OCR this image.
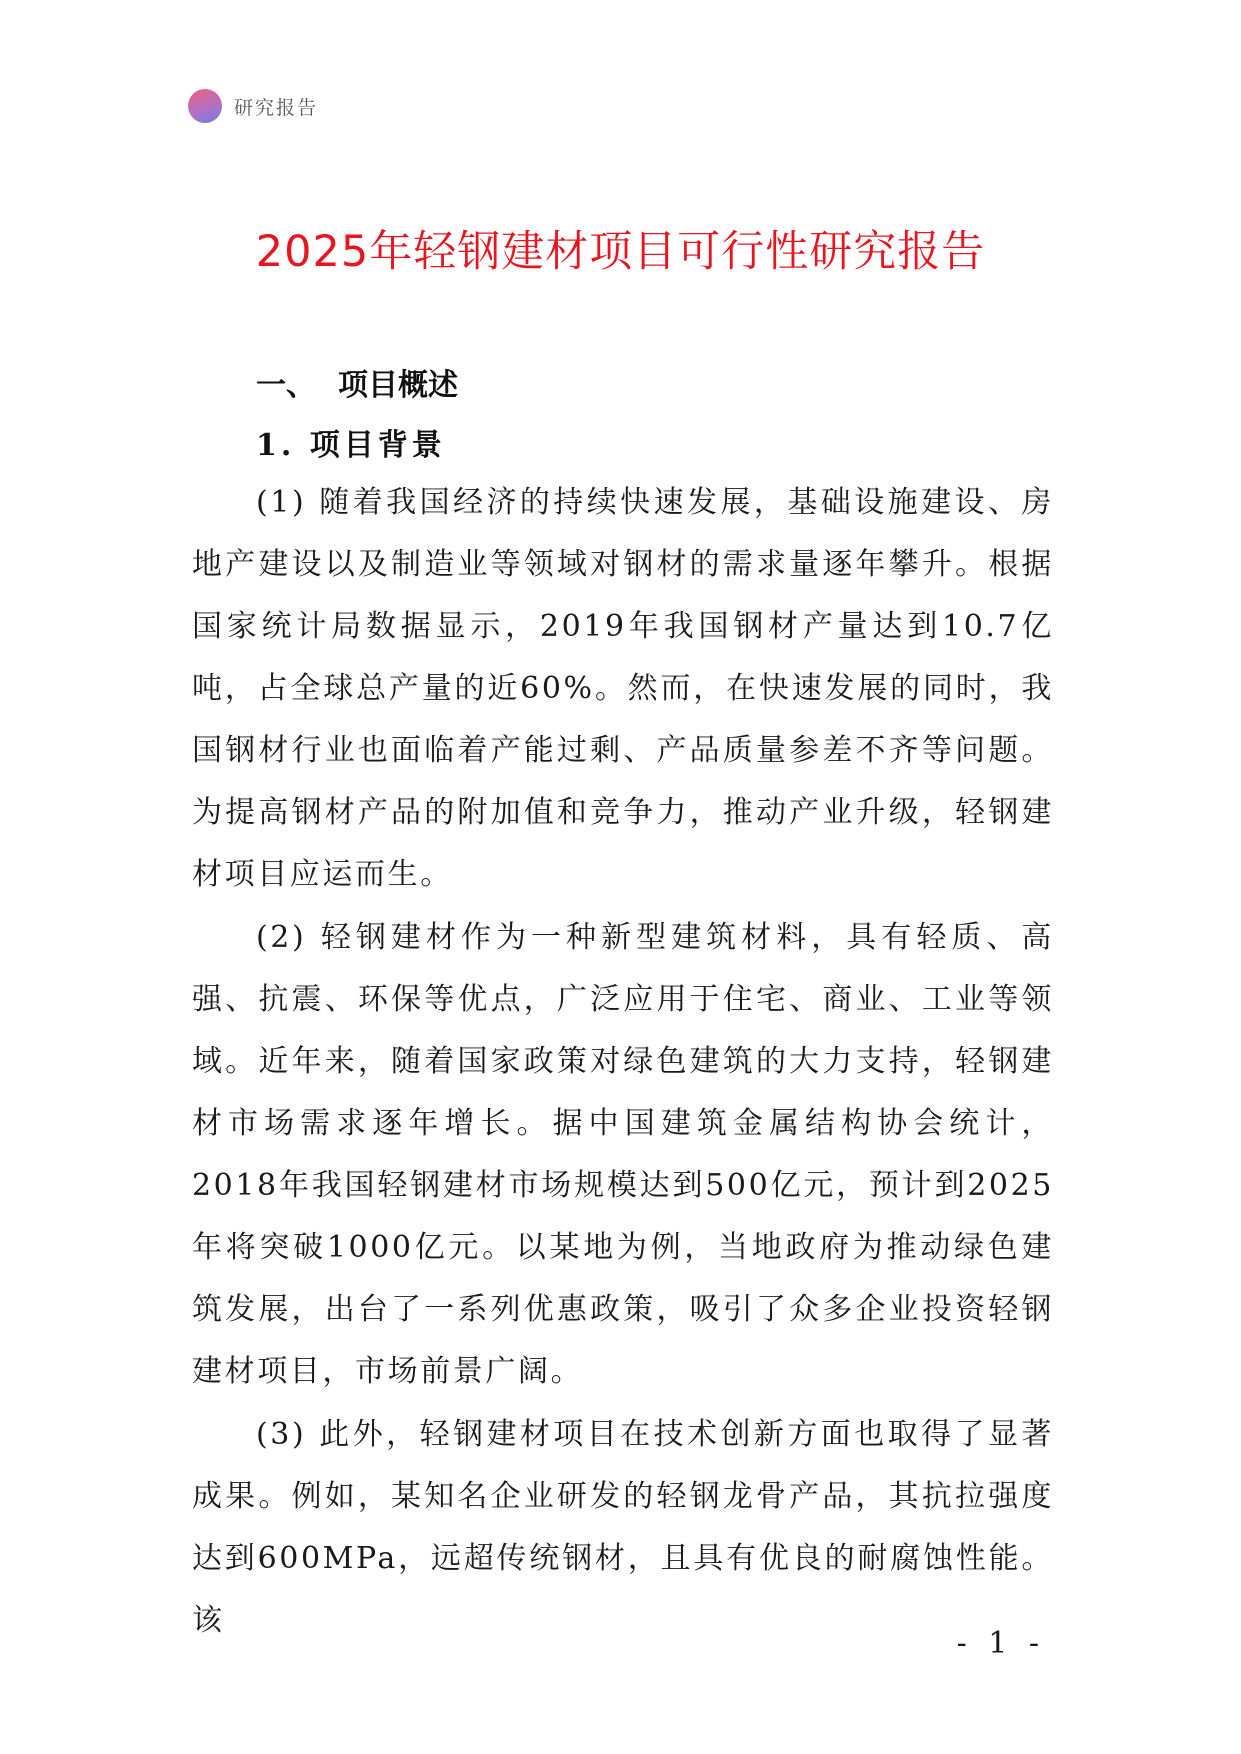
研究报告
2025年轻钢建材项目可行性研究报告
一、 项目概述
1. 项目背景

(1) 随着我国经济的持续快速发展，基础设施建设、房地产建设以及制造业等领域对钢材的需求量逐年攀升。根据国家统计局数据显示，2019年我国钢材产量达到10.7亿吨，占全球总产量的近60%。然而，在快速发展的同时，我国钢材行业也面临着产能过剩、产品质量参差不齐等问题。为提高钢材产品的附加值和竞争力，推动产业升级，轻钢建材项目应运而生。

(2) 轻钢建材作为一种新型建筑材料，具有轻质、高强、抗震、环保等优点，广泛应用于住宅、商业、工业等领域。近年来，随着国家政策对绿色建筑的大力支持，轻钢建材市场需求逐年增长。据中国建筑金属结构协会统计，2018年我国轻钢建材市场规模达到500亿元，预计到2025年将突破1000亿元。以某地为例，当地政府为推动绿色建筑发展，出台了一系列优惠政策，吸引了众多企业投资轻钢建材项目，市场前景广阔。

(3) 此外，轻钢建材项目在技术创新方面也取得了显著成果。例如，某知名企业研发的轻钢龙骨产品，其抗拉强度达到600MPa，远超传统钢材，且具有优良的耐腐蚀性能。该

- 1 -
